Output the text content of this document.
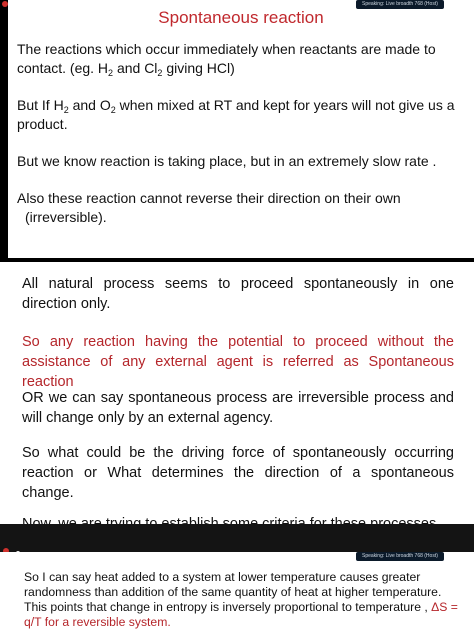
Speaking: Live broadth 768 (Host)
Spontaneous reaction
The reactions which occur immediately when reactants are made to contact. (eg. $H_2$ and $Cl_2$ giving HCl)
But If $H_2$ and $O_2$ when mixed at RT and kept for years will not give us a product.
But we know reaction is taking place, but in an extremely slow rate .
Also these reaction cannot reverse their direction on their own
(irreversible).
All natural process seems to proceed spontaneously in one direction only.
So any reaction having the potential to proceed without the assistance of any external agent is referred as Spontaneous reaction
OR we can say spontaneous process are irreversible process and will change only by an external agency.
So what could be the driving force of spontaneously occurring reaction or What determines the direction of a spontaneous change.
Speaking: Live broadth 768 (Host)
So I can say heat added to a system at lower temperature causes greater randomness than addition of the same quantity of heat at higher temperature. This points that change in entropy is inversely proportional to temperature , ΔS = q/T for a reversible system.
